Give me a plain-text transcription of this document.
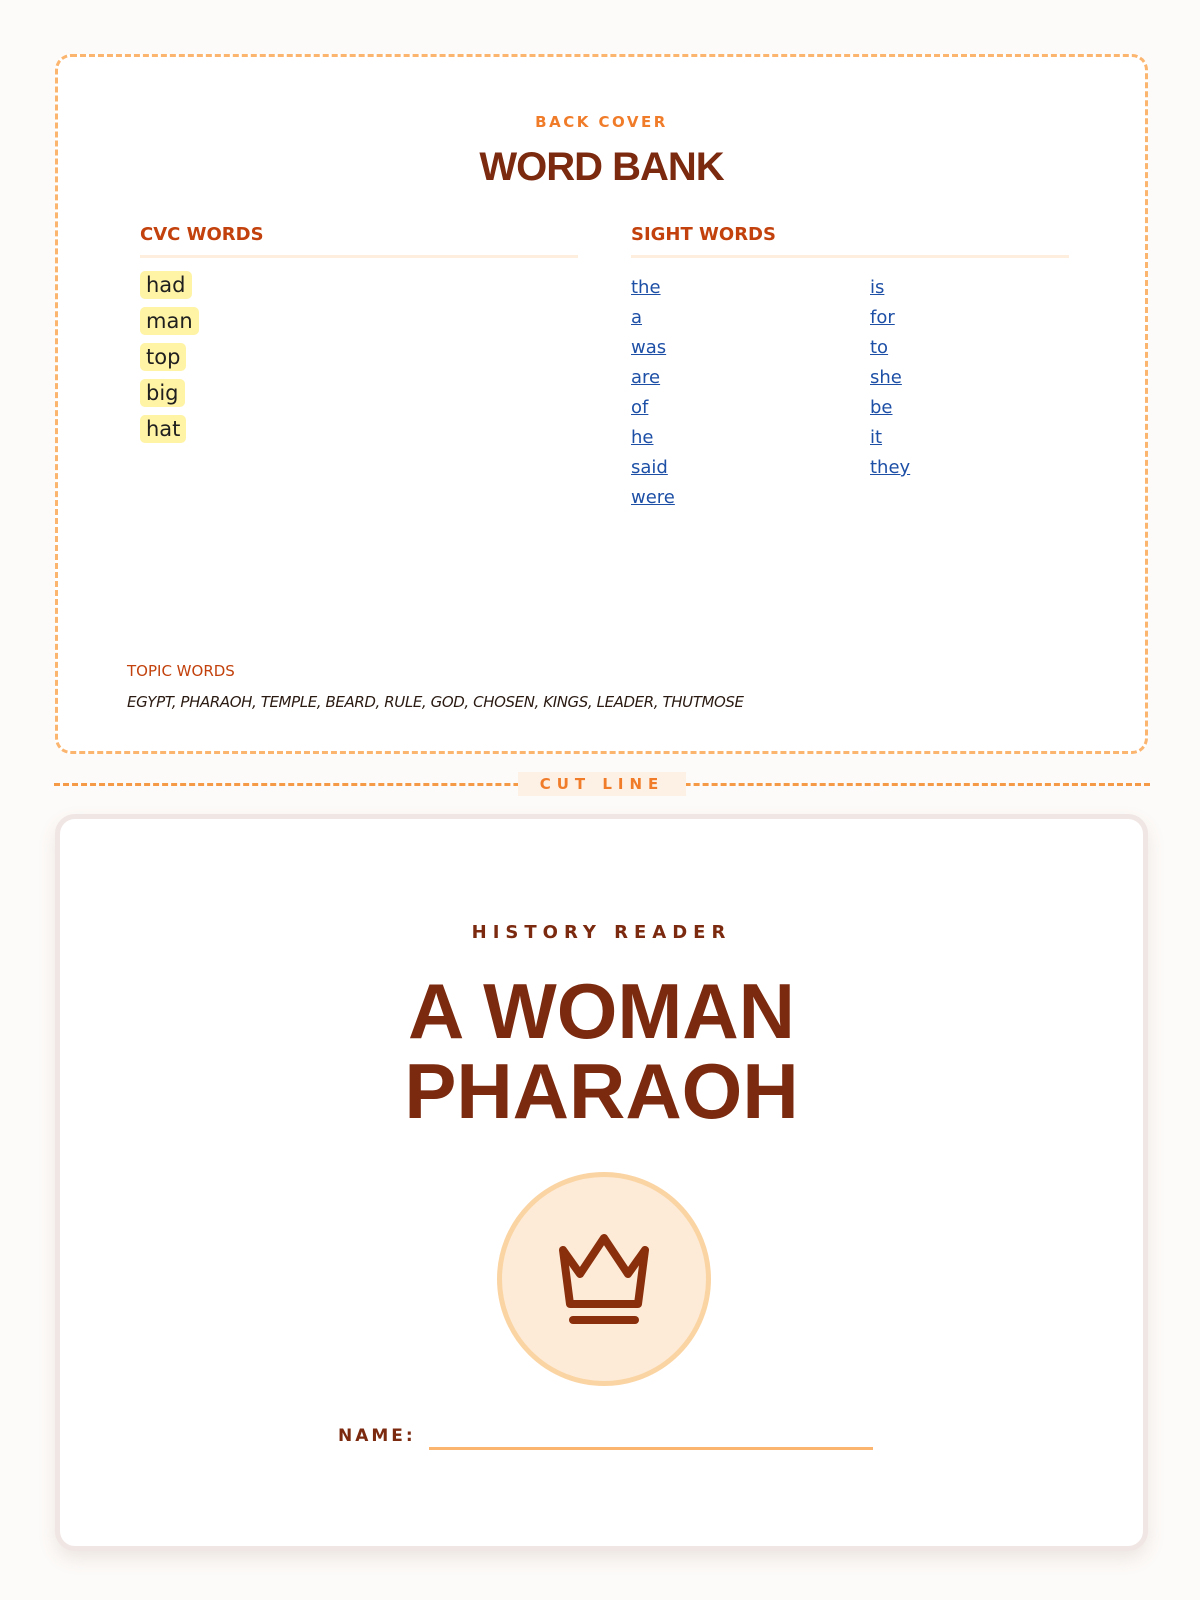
BACK COVER
WORD BANK
CVC WORDS	SIGHT WORDS
had
man
top
big
hat
the
a
was
are
of
he
said
were
is
for
to
she
be
it
they
TOPIC WORDS
EGYPT, PHARAOH, TEMPLE, BEARD, RULE, GOD, CHOSEN, KINGS, LEADER, THUTMOSE
CUT LINE
HISTORY READER
A WOMAN
PHARAOH
NAME:
